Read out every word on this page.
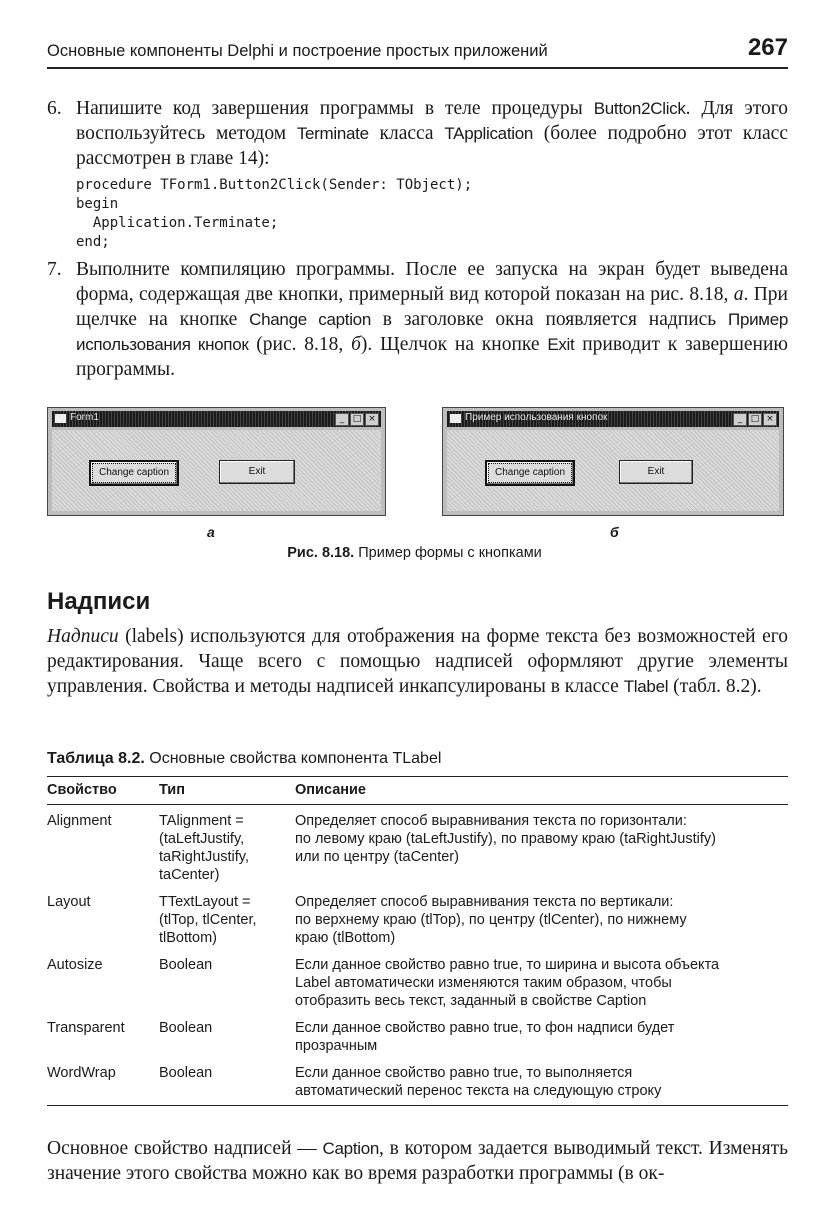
Основные компоненты Delphi и построение простых приложений	267
6. Напишите код завершения программы в теле процедуры Button2Click. Для этого воспользуйтесь методом Terminate класса TApplication (более подробно этот класс рассмотрен в главе 14):
procedure TForm1.Button2Click(Sender: TObject);
begin
Application.Terminate;
end;
7. Выполните компиляцию программы. После ее запуска на экран будет выведена форма, содержащая две кнопки, примерный вид которой показан на рис. 8.18, а. При щелчке на кнопке Change caption в заголовке окна появляется надпись Пример использования кнопок (рис. 8.18, б). Щелчок на кнопке Exit приводит к завершению программы.
Form1	_ □ ×
Change caption	Exit
а
Пример использования кнопок	_ □ ×
Change caption	Exit
б
Рис. 8.18. Пример формы с кнопками
Надписи
Надписи (labels) используются для отображения на форме текста без возможностей его редактирования. Чаще всего с помощью надписей оформляют другие элементы управления. Свойства и методы надписей инкапсулированы в классе Tlabel (табл. 8.2).
Таблица 8.2. Основные свойства компонента TLabel
Свойство	Тип	Описание
Alignment	TAlignment =
(taLeftJustify,
taRightJustify,
taCenter)	Определяет способ выравнивания текста по горизонтали:
по левому краю (taLeftJustify), по правому краю (taRightJustify)
или по центру (taCenter)
Layout	TTextLayout =
(tlTop, tlCenter,
tlBottom)	Определяет способ выравнивания текста по вертикали:
по верхнему краю (tlTop), по центру (tlCenter), по нижнему
краю (tlBottom)
Autosize	Boolean	Если данное свойство равно true, то ширина и высота объекта
Label автоматически изменяются таким образом, чтобы
отобразить весь текст, заданный в свойстве Caption
Transparent	Boolean	Если данное свойство равно true, то фон надписи будет
прозрачным
WordWrap	Boolean	Если данное свойство равно true, то выполняется
автоматический перенос текста на следующую строку
Основное свойство надписей — Caption, в котором задается выводимый текст. Изменять значение этого свойства можно как во время разработки программы (в ок-
